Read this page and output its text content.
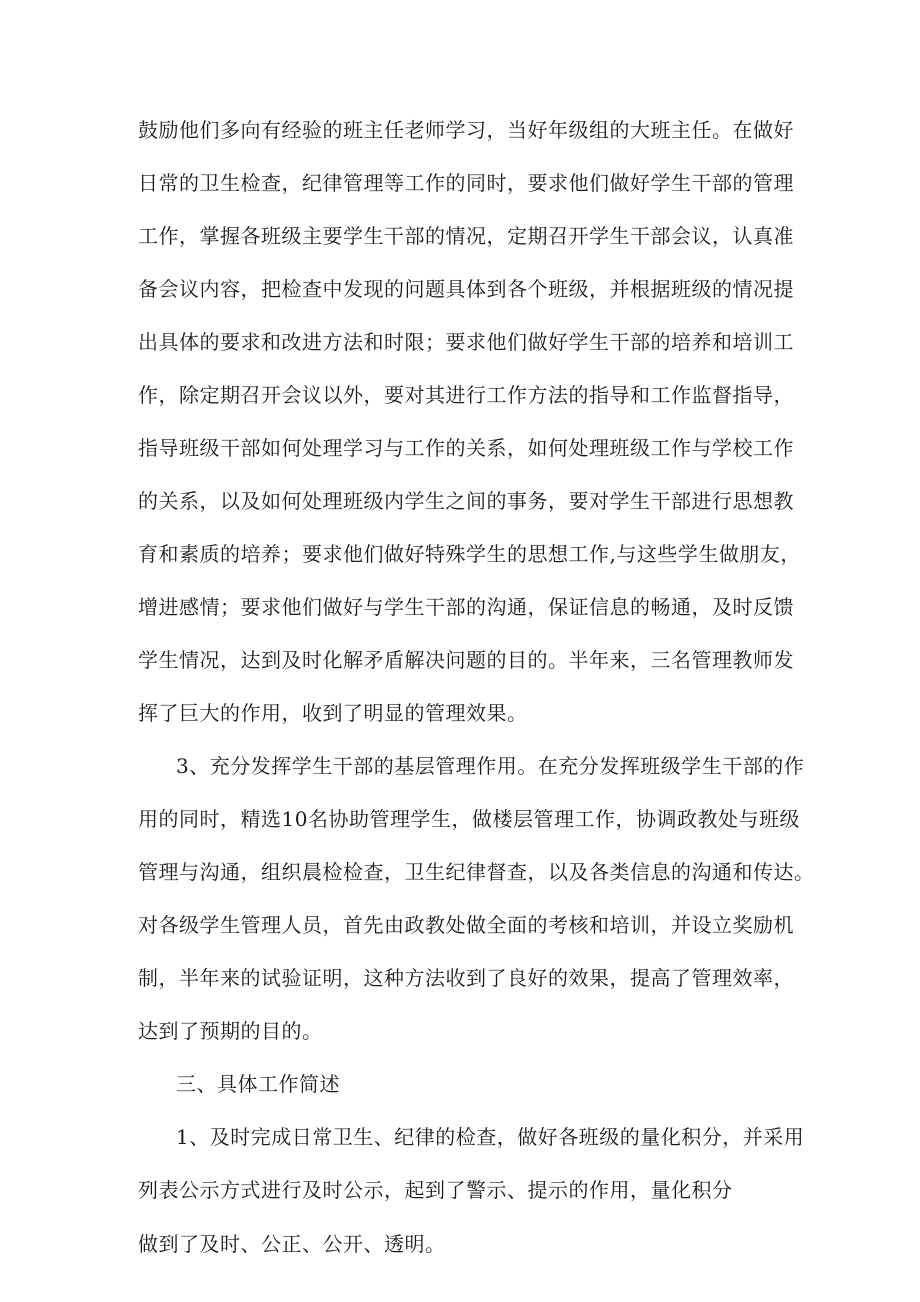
鼓励他们多向有经验的班主任老师学习，当好年级组的大班主任。在做好
日常的卫生检查，纪律管理等工作的同时，要求他们做好学生干部的管理
工作，掌握各班级主要学生干部的情况，定期召开学生干部会议，认真准
备会议内容，把检查中发现的问题具体到各个班级，并根据班级的情况提
出具体的要求和改进方法和时限；要求他们做好学生干部的培养和培训工
作，除定期召开会议以外，要对其进行工作方法的指导和工作监督指导，
指导班级干部如何处理学习与工作的关系，如何处理班级工作与学校工作
的关系，以及如何处理班级内学生之间的事务，要对学生干部进行思想教
育和素质的培养；要求他们做好特殊学生的思想工作,与这些学生做朋友，
增进感情；要求他们做好与学生干部的沟通，保证信息的畅通，及时反馈
学生情况，达到及时化解矛盾解决问题的目的。半年来，三名管理教师发
挥了巨大的作用，收到了明显的管理效果。
3、充分发挥学生干部的基层管理作用。在充分发挥班级学生干部的作
用的同时，精选10名协助管理学生，做楼层管理工作，协调政教处与班级
管理与沟通，组织晨检检查，卫生纪律督查，以及各类信息的沟通和传达。
对各级学生管理人员，首先由政教处做全面的考核和培训，并设立奖励机
制，半年来的试验证明，这种方法收到了良好的效果，提高了管理效率，
达到了预期的目的。
三、具体工作简述
1、及时完成日常卫生、纪律的检查，做好各班级的量化积分，并采用
列表公示方式进行及时公示，起到了警示、提示的作用，量化积分
做到了及时、公正、公开、透明。
